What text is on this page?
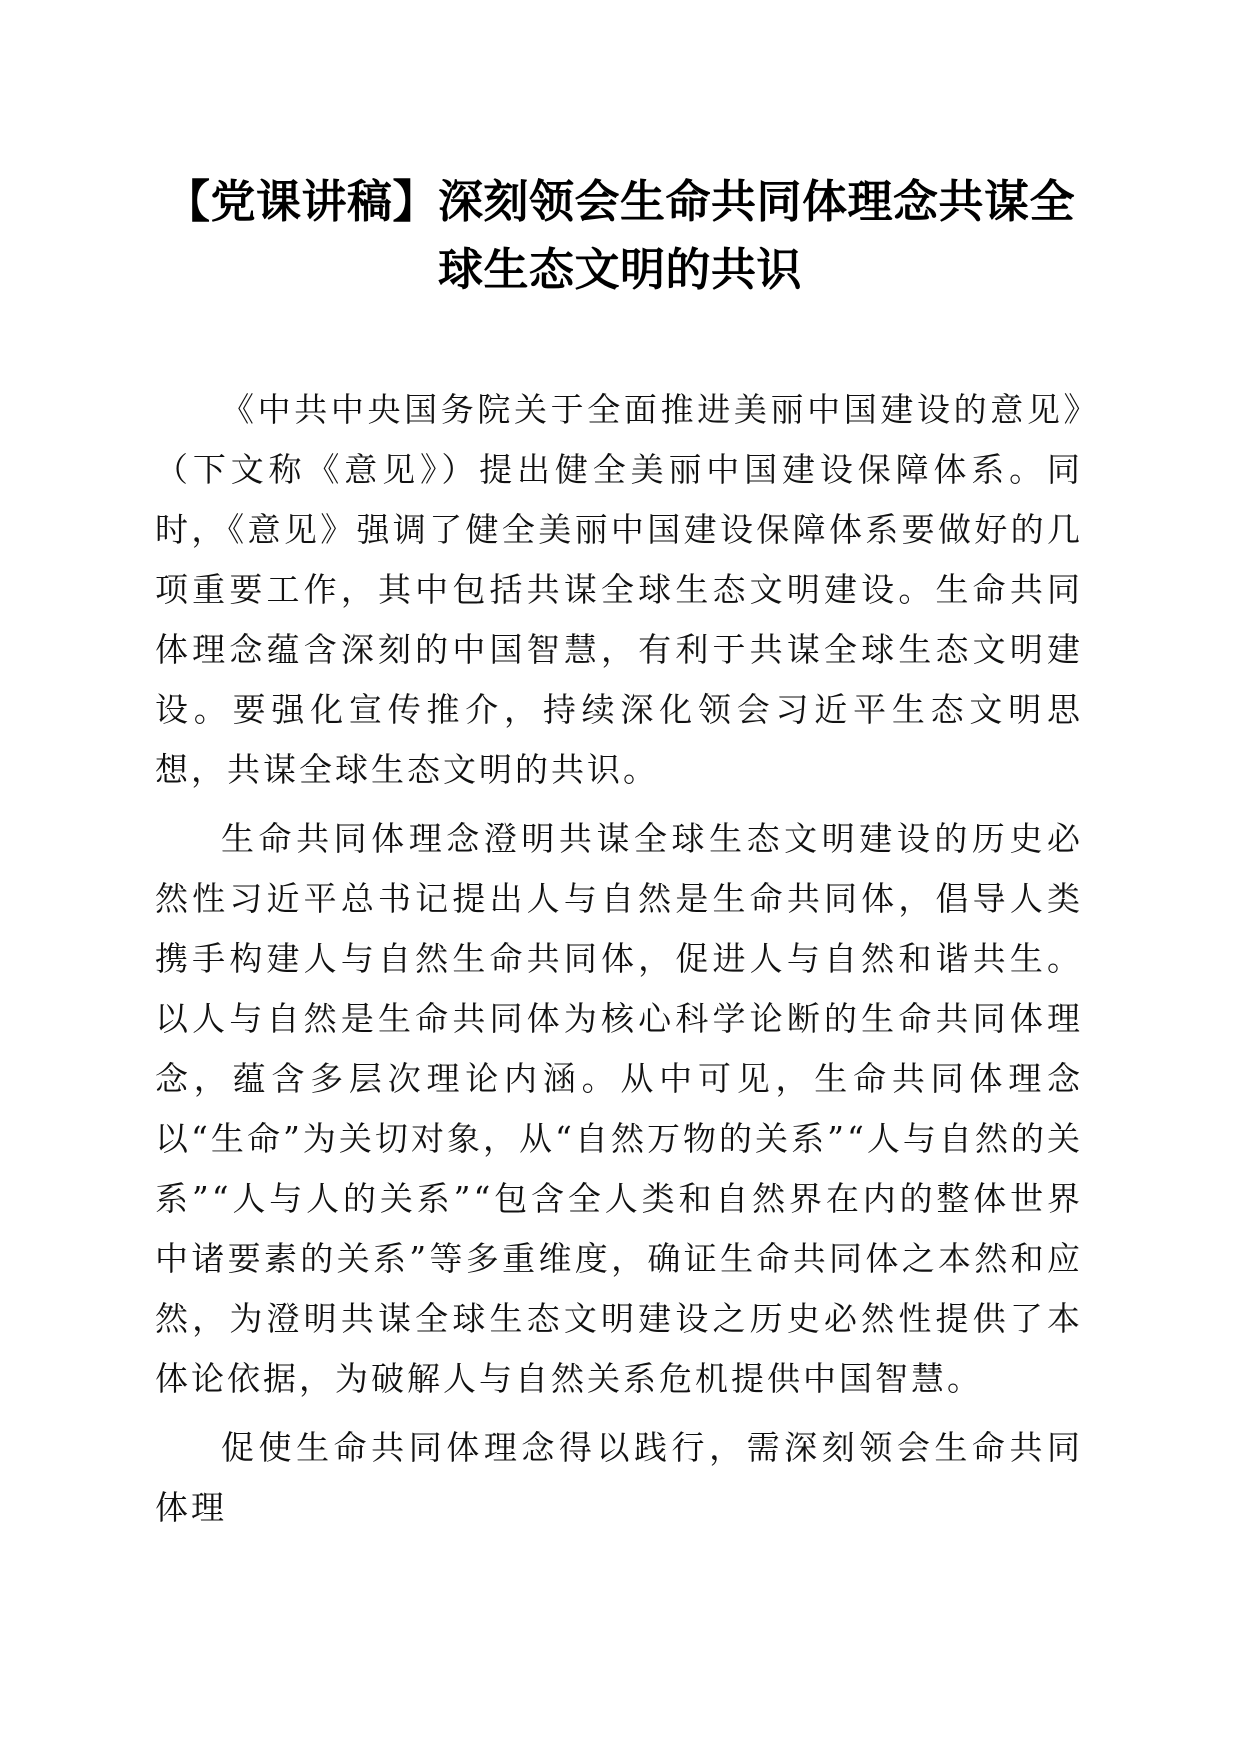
【党课讲稿】深刻领会生命共同体理念共谋全球生态文明的共识

《中共中央国务院关于全面推进美丽中国建设的意见》（下文称《意见》）提出健全美丽中国建设保障体系。同时，《意见》强调了健全美丽中国建设保障体系要做好的几项重要工作，其中包括共谋全球生态文明建设。生命共同体理念蕴含深刻的中国智慧，有利于共谋全球生态文明建设。要强化宣传推介，持续深化领会习近平生态文明思想，共谋全球生态文明的共识。

生命共同体理念澄明共谋全球生态文明建设的历史必然性习近平总书记提出人与自然是生命共同体，倡导人类携手构建人与自然生命共同体，促进人与自然和谐共生。以人与自然是生命共同体为核心科学论断的生命共同体理念，蕴含多层次理论内涵。从中可见，生命共同体理念以“生命”为关切对象，从“自然万物的关系”“人与自然的关系”“人与人的关系”“包含全人类和自然界在内的整体世界中诸要素的关系”等多重维度，确证生命共同体之本然和应然，为澄明共谋全球生态文明建设之历史必然性提供了本体论依据，为破解人与自然关系危机提供中国智慧。

促使生命共同体理念得以践行，需深刻领会生命共同体理
